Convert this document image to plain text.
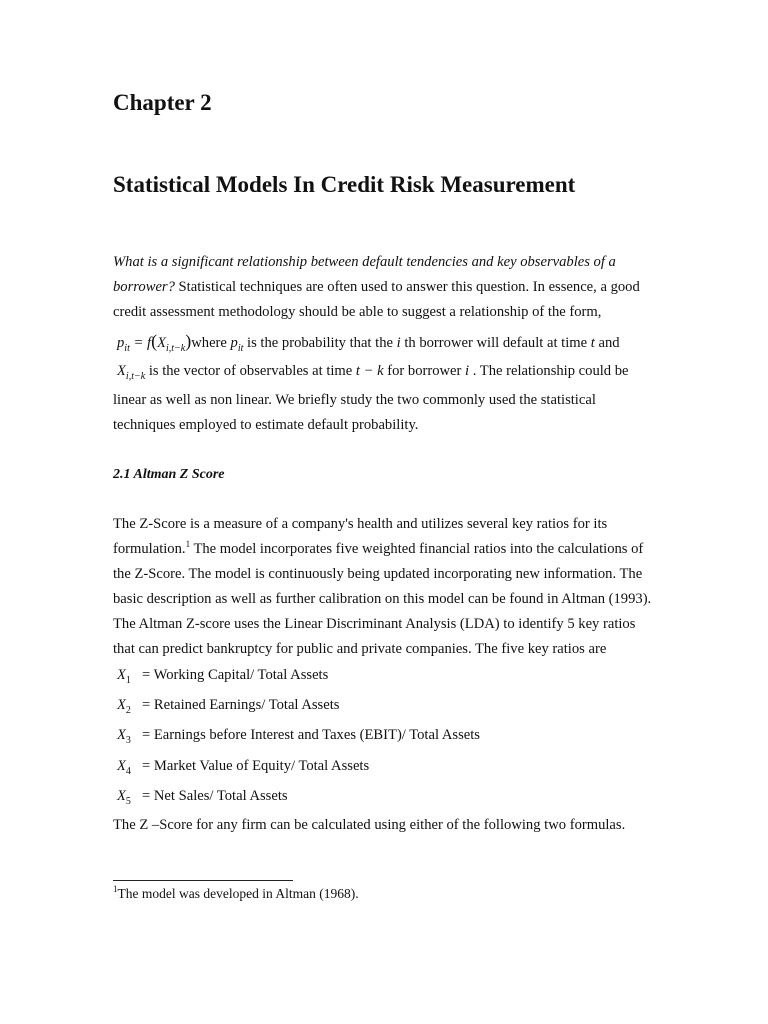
Chapter 2
Statistical Models In Credit Risk Measurement
What is a significant relationship between default tendencies and key observables of a
borrower? Statistical techniques are often used to answer this question. In essence, a good
credit assessment methodology should be able to suggest a relationship of the form,
$p_{it}$ = $f(X_{i,t-k})where$ $p_{it}$ is the probability that the i th borrower will default at time t and
$X_{i,t-k}$ is the vector of observables at time t − k for borrower i . The relationship could be
linear as well as non linear. We briefly study the two commonly used the statistical
techniques employed to estimate default probability.
2.1 Altman Z Score
The Z-Score is a measure of a company's health and utilizes several key ratios for its
formulation.$^1$ The model incorporates five weighted financial ratios into the calculations of
the Z-Score. The model is continuously being updated incorporating new information. The
basic description as well as further calibration on this model can be found in Altman (1993).
The Altman Z-score uses the Linear Discriminant Analysis (LDA) to identify 5 key ratios
that can predict bankruptcy for public and private companies. The five key ratios are
$X_1$ = Working Capital/ Total Assets
$X_2$ = Retained Earnings/ Total Assets
$X_3$ = Earnings before Interest and Taxes (EBIT)/ Total Assets
$X_4$ = Market Value of Equity/ Total Assets
$X_5$ = Net Sales/ Total Assets
The Z –Score for any firm can be calculated using either of the following two formulas.
$^1$The model was developed in Altman (1968).
